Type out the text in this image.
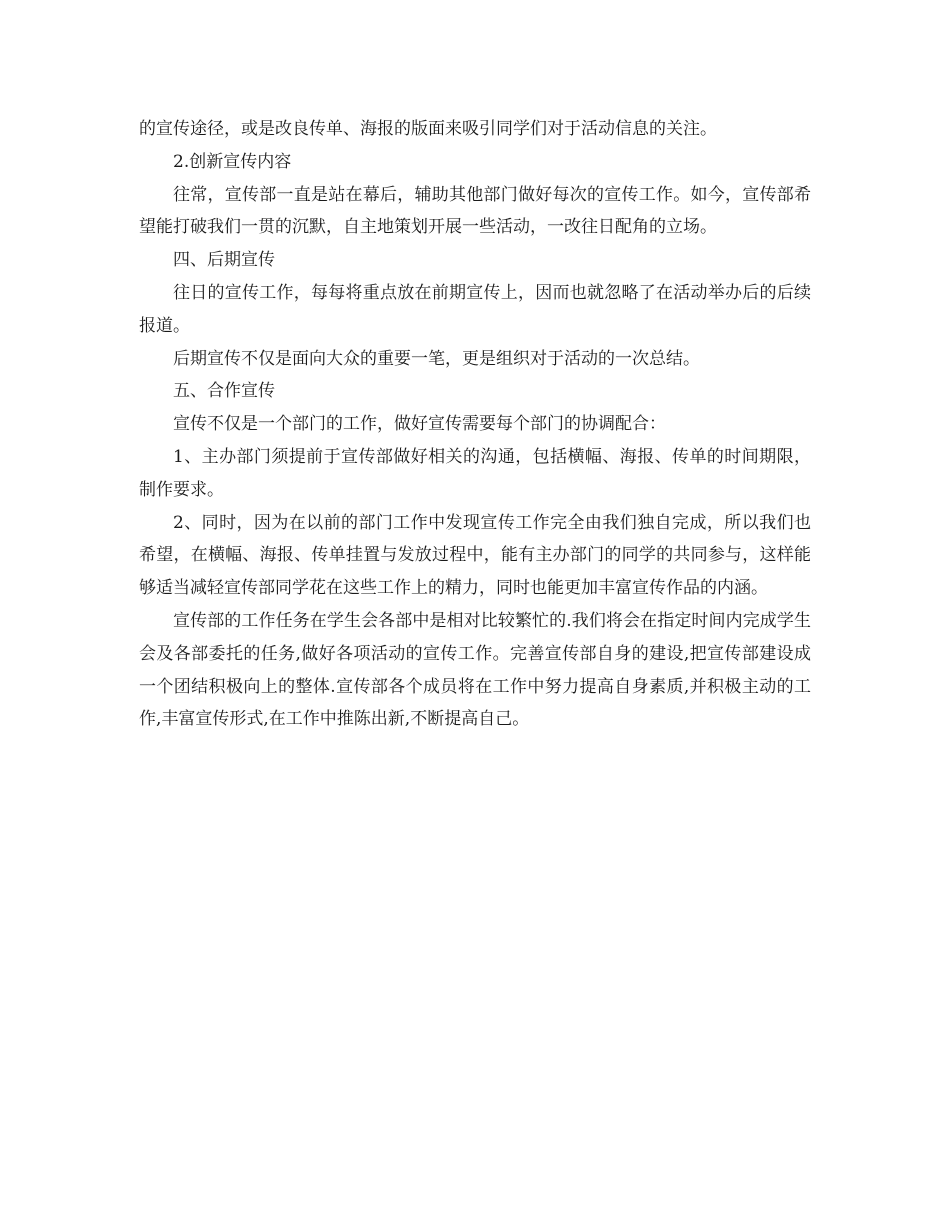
的宣传途径，或是改良传单、海报的版面来吸引同学们对于活动信息的关注。

2.创新宣传内容

往常，宣传部一直是站在幕后，辅助其他部门做好每次的宣传工作。如今，宣传部希望能打破我们一贯的沉默，自主地策划开展一些活动，一改往日配角的立场。

四、后期宣传

往日的宣传工作，每每将重点放在前期宣传上，因而也就忽略了在活动举办后的后续报道。

后期宣传不仅是面向大众的重要一笔，更是组织对于活动的一次总结。

五、合作宣传

宣传不仅是一个部门的工作，做好宣传需要每个部门的协调配合：

1、主办部门须提前于宣传部做好相关的沟通，包括横幅、海报、传单的时间期限，制作要求。

2、同时，因为在以前的部门工作中发现宣传工作完全由我们独自完成，所以我们也希望，在横幅、海报、传单挂置与发放过程中，能有主办部门的同学的共同参与，这样能够适当减轻宣传部同学花在这些工作上的精力，同时也能更加丰富宣传作品的内涵。

宣传部的工作任务在学生会各部中是相对比较繁忙的.我们将会在指定时间内完成学生会及各部委托的任务,做好各项活动的宣传工作。完善宣传部自身的建设,把宣传部建设成一个团结积极向上的整体.宣传部各个成员将在工作中努力提高自身素质,并积极主动的工作,丰富宣传形式,在工作中推陈出新,不断提高自己。
